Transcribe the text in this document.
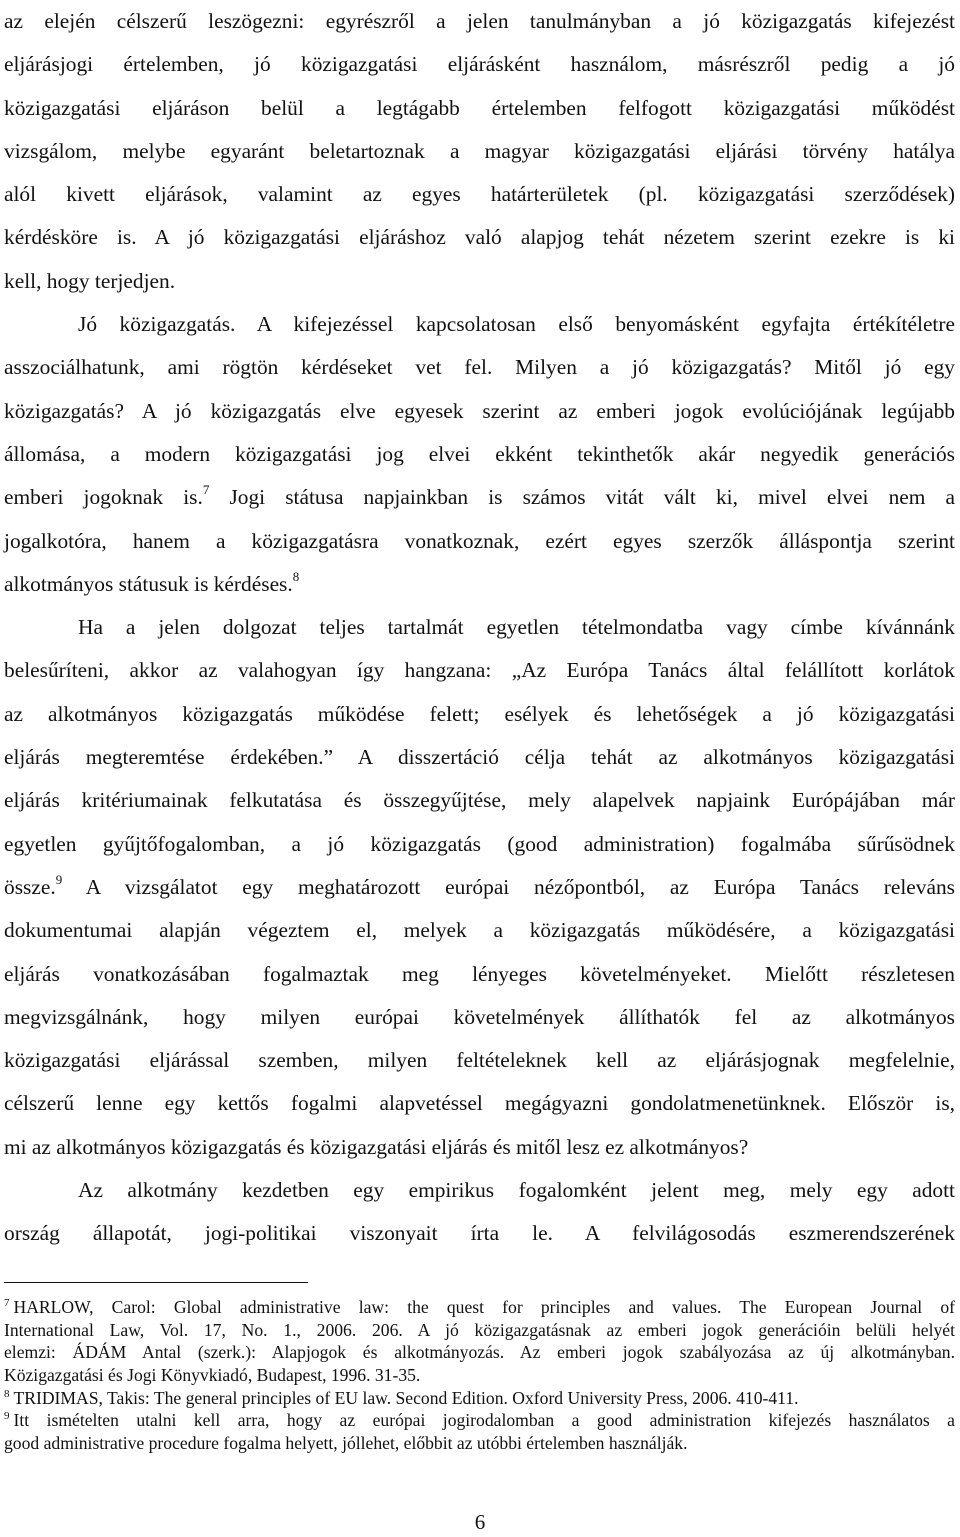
az elején célszerű leszögezni: egyrészről a jelen tanulmányban a jó közigazgatás kifejezést
eljárásjogi értelemben, jó közigazgatási eljárásként használom, másrészről pedig a jó
közigazgatási eljáráson belül a legtágabb értelemben felfogott közigazgatási működést
vizsgálom, melybe egyaránt beletartoznak a magyar közigazgatási eljárási törvény hatálya
alól kivett eljárások, valamint az egyes határterületek (pl. közigazgatási szerződések)
kérdésköre is. A jó közigazgatási eljáráshoz való alapjog tehát nézetem szerint ezekre is ki
kell, hogy terjedjen.
Jó közigazgatás. A kifejezéssel kapcsolatosan első benyomásként egyfajta értékítéletre
asszociálhatunk, ami rögtön kérdéseket vet fel. Milyen a jó közigazgatás? Mitől jó egy
közigazgatás? A jó közigazgatás elve egyesek szerint az emberi jogok evolúciójának legújabb
állomása, a modern közigazgatási jog elvei ekként tekinthetők akár negyedik generációs
emberi jogoknak is.$^7$ Jogi státusa napjainkban is számos vitát vált ki, mivel elvei nem a
jogalkotóra, hanem a közigazgatásra vonatkoznak, ezért egyes szerzők álláspontja szerint
alkotmányos státusuk is kérdéses.$^8$
Ha a jelen dolgozat teljes tartalmát egyetlen tételmondatba vagy címbe kívánnánk
belesűríteni, akkor az valahogyan így hangzana: „Az Európa Tanács által felállított korlátok
az alkotmányos közigazgatás működése felett; esélyek és lehetőségek a jó közigazgatási
eljárás megteremtése érdekében.” A disszertáció célja tehát az alkotmányos közigazgatási
eljárás kritériumainak felkutatása és összegyűjtése, mely alapelvek napjaink Európájában már
egyetlen gyűjtőfogalomban, a jó közigazgatás (good administration) fogalmába sűrűsödnek
össze.$^9$ A vizsgálatot egy meghatározott európai nézőpontból, az Európa Tanács releváns
dokumentumai alapján végeztem el, melyek a közigazgatás működésére, a közigazgatási
eljárás vonatkozásában fogalmaztak meg lényeges követelményeket. Mielőtt részletesen
megvizsgálnánk, hogy milyen európai követelmények állíthatók fel az alkotmányos
közigazgatási eljárással szemben, milyen feltételeknek kell az eljárásjognak megfelelnie,
célszerű lenne egy kettős fogalmi alapvetéssel megágyazni gondolatmenetünknek. Először is,
mi az alkotmányos közigazgatás és közigazgatási eljárás és mitől lesz ez alkotmányos?
Az alkotmány kezdetben egy empirikus fogalomként jelent meg, mely egy adott
ország állapotát, jogi-politikai viszonyait írta le. A felvilágosodás eszmerendszerének
$^7$ HARLOW, Carol: Global administrative law: the quest for principles and values. The European Journal of
International Law, Vol. 17, No. 1., 2006. 206. A jó közigazgatásnak az emberi jogok generációin belüli helyét
elemzi: ÁDÁM Antal (szerk.): Alapjogok és alkotmányozás. Az emberi jogok szabályozása az új alkotmányban.
Közigazgatási és Jogi Könyvkiadó, Budapest, 1996. 31-35.
$^8$ TRIDIMAS, Takis: The general principles of EU law. Second Edition. Oxford University Press, 2006. 410-411.
$^9$ Itt ismételten utalni kell arra, hogy az európai jogirodalomban a good administration kifejezés használatos a
good administrative procedure fogalma helyett, jóllehet, előbbit az utóbbi értelemben használják.
6
